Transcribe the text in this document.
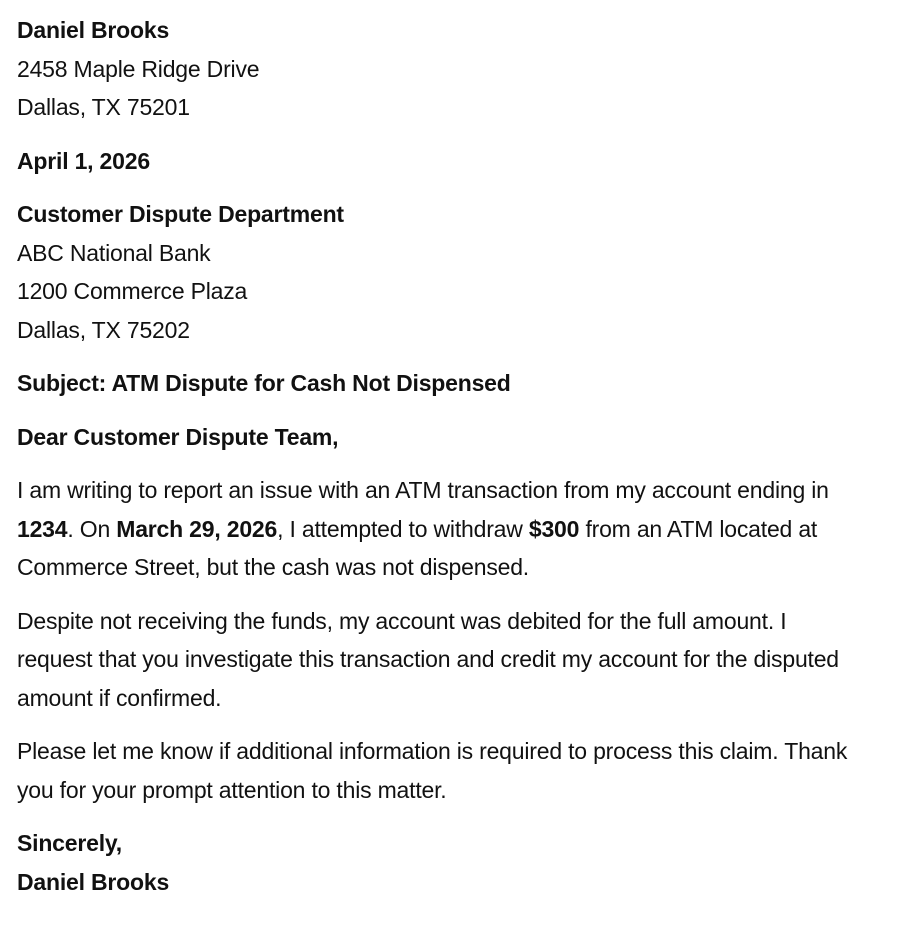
Daniel Brooks
2458 Maple Ridge Drive
Dallas, TX 75201

April 1, 2026

Customer Dispute Department
ABC National Bank
1200 Commerce Plaza
Dallas, TX 75202

Subject: ATM Dispute for Cash Not Dispensed

Dear Customer Dispute Team,

I am writing to report an issue with an ATM transaction from my account ending in 1234. On March 29, 2026, I attempted to withdraw $300 from an ATM located at Commerce Street, but the cash was not dispensed.

Despite not receiving the funds, my account was debited for the full amount. I request that you investigate this transaction and credit my account for the disputed amount if confirmed.

Please let me know if additional information is required to process this claim. Thank you for your prompt attention to this matter.

Sincerely,
Daniel Brooks
